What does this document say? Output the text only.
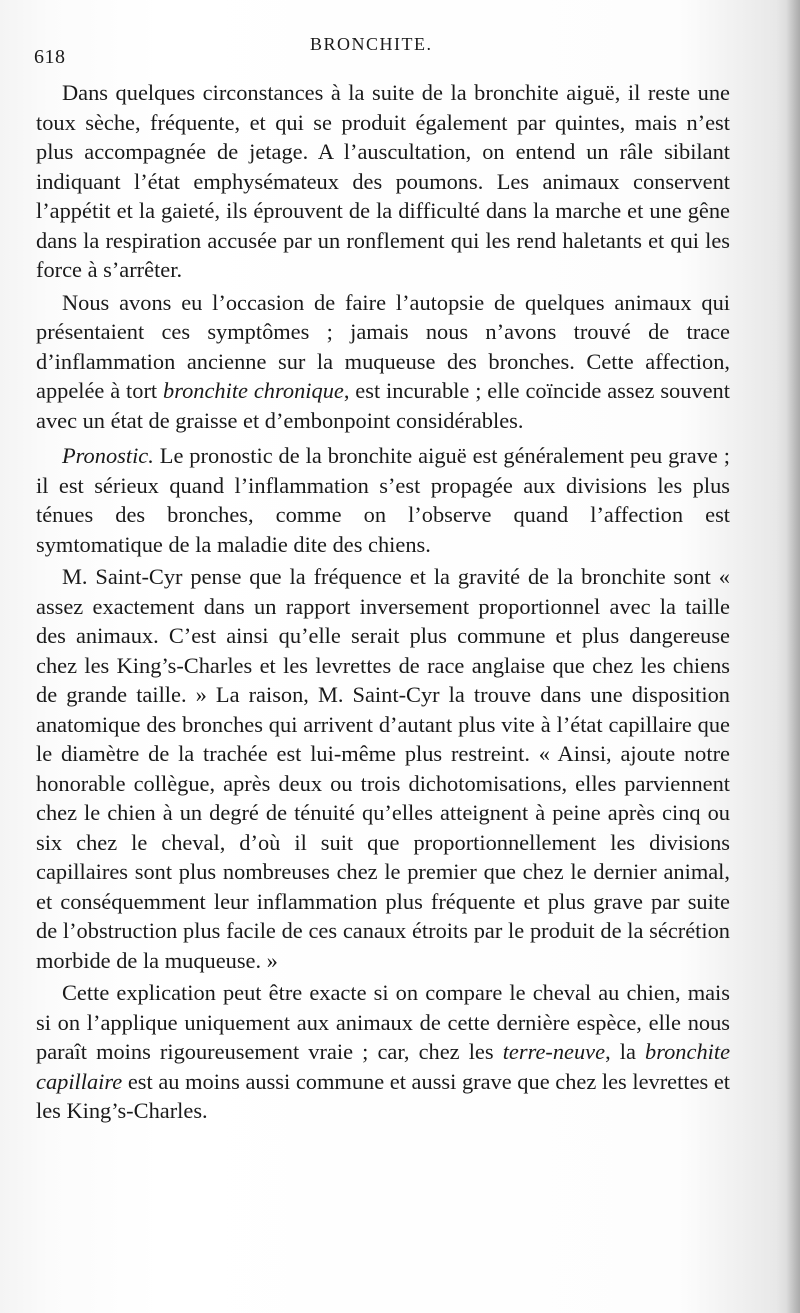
618
BRONCHITE.

Dans quelques circonstances à la suite de la bronchite aiguë, il reste une toux sèche, fréquente, et qui se produit également par quintes, mais n’est plus accompagnée de jetage. A l’auscultation, on entend un râle sibilant indiquant l’état emphysémateux des poumons. Les animaux conservent l’appétit et la gaieté, ils éprouvent de la difficulté dans la marche et une gêne dans la respiration accusée par un ronflement qui les rend haletants et qui les force à s’arrêter.

Nous avons eu l’occasion de faire l’autopsie de quelques animaux qui présentaient ces symptômes ; jamais nous n’avons trouvé de trace d’inflammation ancienne sur la muqueuse des bronches. Cette affection, appelée à tort bronchite chronique, est incurable ; elle coïncide assez souvent avec un état de graisse et d’embonpoint considérables.

Pronostic. Le pronostic de la bronchite aiguë est généralement peu grave ; il est sérieux quand l’inflammation s’est propagée aux divisions les plus ténues des bronches, comme on l’observe quand l’affection est symtomatique de la maladie dite des chiens.

M. Saint-Cyr pense que la fréquence et la gravité de la bronchite sont « assez exactement dans un rapport inversement proportionnel avec la taille des animaux. C’est ainsi qu’elle serait plus commune et plus dangereuse chez les King’s-Charles et les levrettes de race anglaise que chez les chiens de grande taille. » La raison, M. Saint-Cyr la trouve dans une disposition anatomique des bronches qui arrivent d’autant plus vite à l’état capillaire que le diamètre de la trachée est lui-même plus restreint. « Ainsi, ajoute notre honorable collègue, après deux ou trois dichotomisations, elles parviennent chez le chien à un degré de ténuité qu’elles atteignent à peine après cinq ou six chez le cheval, d’où il suit que proportionnellement les divisions capillaires sont plus nombreuses chez le premier que chez le dernier animal, et conséquemment leur inflammation plus fréquente et plus grave par suite de l’obstruction plus facile de ces canaux étroits par le produit de la sécrétion morbide de la muqueuse. »

Cette explication peut être exacte si on compare le cheval au chien, mais si on l’applique uniquement aux animaux de cette dernière espèce, elle nous paraît moins rigoureusement vraie ; car, chez les terre-neuve, la bronchite capillaire est au moins aussi commune et aussi grave que chez les levrettes et les King’s-Charles.
